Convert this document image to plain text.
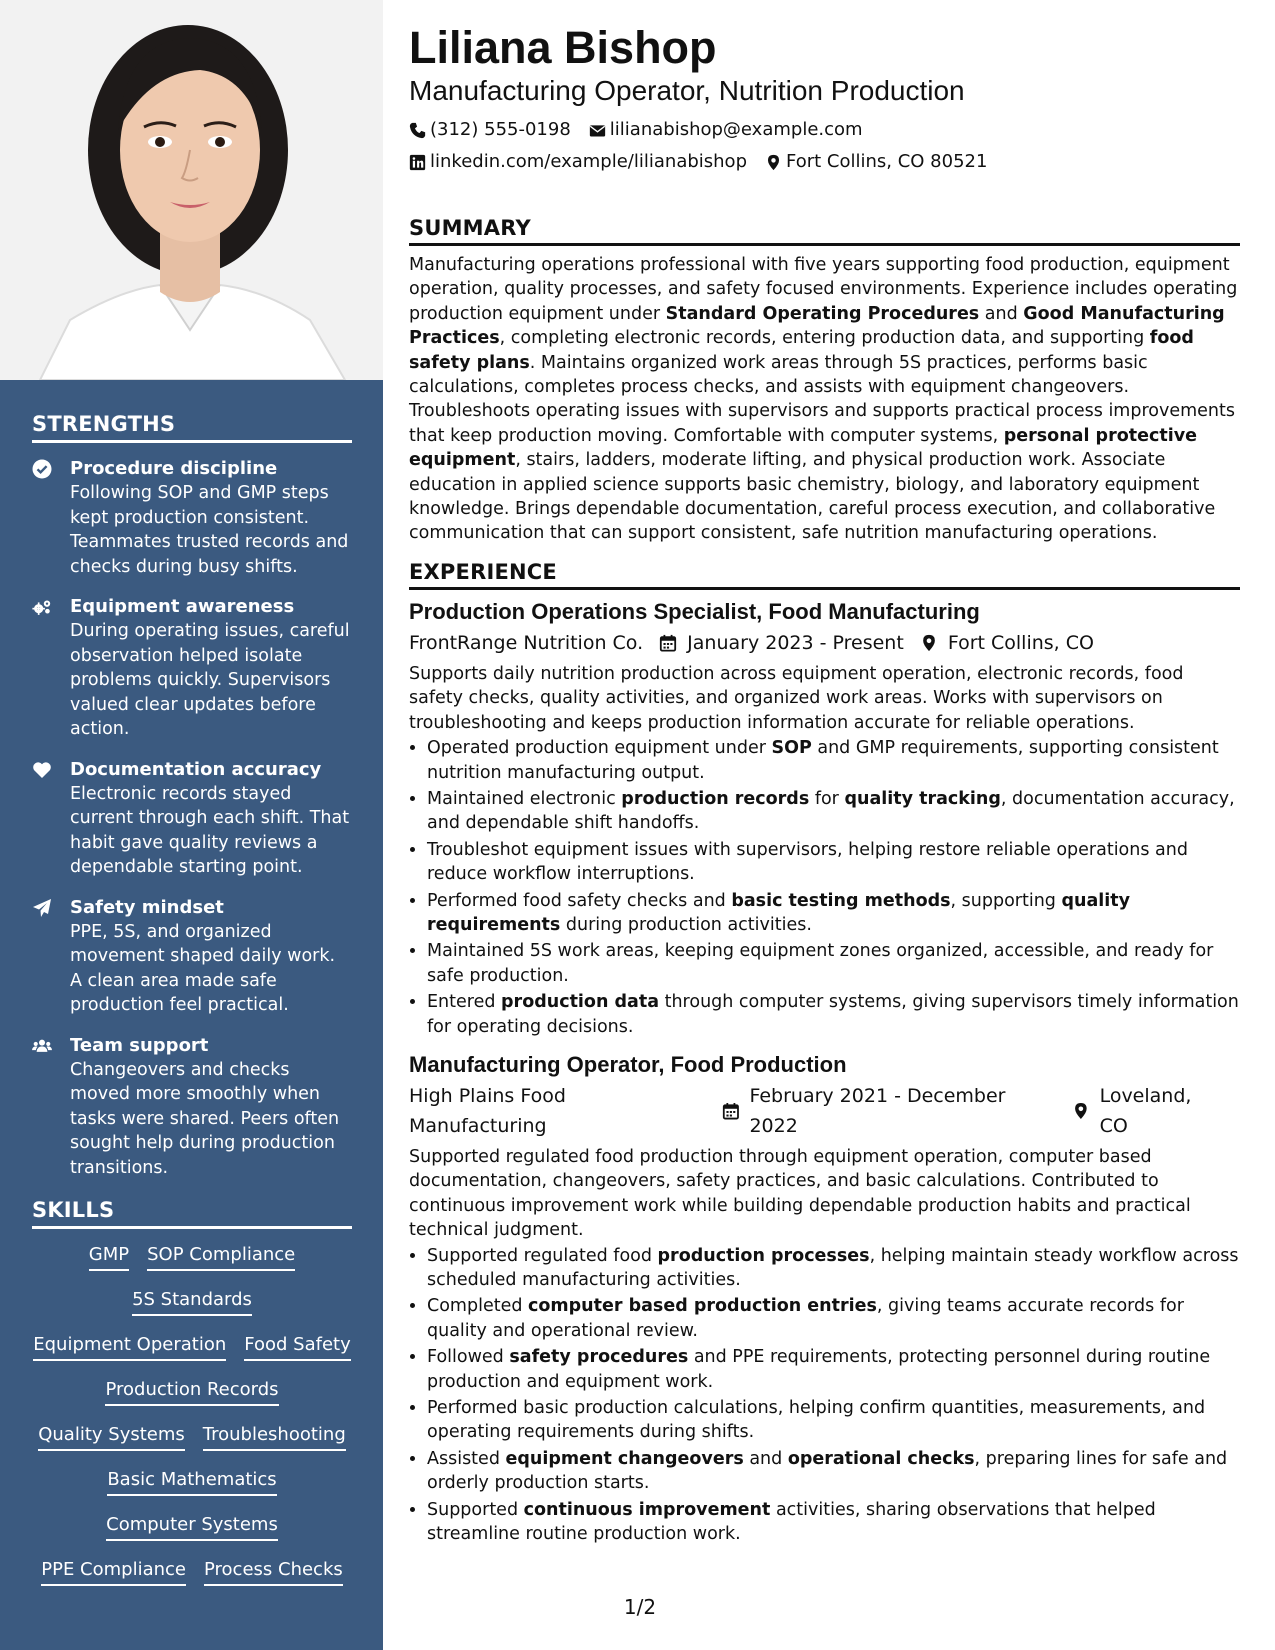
STRENGTHS
Procedure discipline
Following SOP and GMP steps kept production consistent. Teammates trusted records and checks during busy shifts.
Equipment awareness
During operating issues, careful observation helped isolate problems quickly. Supervisors valued clear updates before action.
Documentation accuracy
Electronic records stayed current through each shift. That habit gave quality reviews a dependable starting point.
Safety mindset
PPE, 5S, and organized movement shaped daily work. A clean area made safe production feel practical.
Team support
Changeovers and checks moved more smoothly when tasks were shared. Peers often sought help during production transitions.
SKILLS
GMP SOP Compliance
5S Standards
Equipment Operation Food Safety
Production Records
Quality Systems Troubleshooting
Basic Mathematics
Computer Systems
PPE Compliance Process Checks
Liliana Bishop
Manufacturing Operator, Nutrition Production
(312) 555-0198 lilianabishop@example.com
linkedin.com/example/lilianabishop Fort Collins, CO 80521
SUMMARY

Manufacturing operations professional with five years supporting food production, equipment operation, quality processes, and safety focused environments. Experience includes operating production equipment under Standard Operating Procedures and Good Manufacturing Practices, completing electronic records, entering production data, and supporting food safety plans. Maintains organized work areas through 5S practices, performs basic calculations, completes process checks, and assists with equipment changeovers. Troubleshoots operating issues with supervisors and supports practical process improvements that keep production moving. Comfortable with computer systems, personal protective equipment, stairs, ladders, moderate lifting, and physical production work. Associate education in applied science supports basic chemistry, biology, and laboratory equipment knowledge. Brings dependable documentation, careful process execution, and collaborative communication that can support consistent, safe nutrition manufacturing operations.

EXPERIENCE
Production Operations Specialist, Food Manufacturing
FrontRange Nutrition Co. January 2023 - Present Fort Collins, CO

Supports daily nutrition production across equipment operation, electronic records, food safety checks, quality activities, and organized work areas. Works with supervisors on troubleshooting and keeps production information accurate for reliable operations.

• Operated production equipment under SOP and GMP requirements, supporting consistent nutrition manufacturing output.
• Maintained electronic production records for quality tracking, documentation accuracy, and dependable shift handoffs.
• Troubleshot equipment issues with supervisors, helping restore reliable operations and reduce workflow interruptions.
• Performed food safety checks and basic testing methods, supporting quality requirements during production activities.
• Maintained 5S work areas, keeping equipment zones organized, accessible, and ready for safe production.
• Entered production data through computer systems, giving supervisors timely information for operating decisions.
Manufacturing Operator, Food Production
High Plains Food Manufacturing
February 2021 - December 2022
Loveland, CO

Supported regulated food production through equipment operation, computer based documentation, changeovers, safety practices, and basic calculations. Contributed to continuous improvement work while building dependable production habits and practical technical judgment.

• Supported regulated food production processes, helping maintain steady workflow across scheduled manufacturing activities.
• Completed computer based production entries, giving teams accurate records for quality and operational review.
• Followed safety procedures and PPE requirements, protecting personnel during routine production and equipment work.
• Performed basic production calculations, helping confirm quantities, measurements, and operating requirements during shifts.
• Assisted equipment changeovers and operational checks, preparing lines for safe and orderly production starts.
• Supported continuous improvement activities, sharing observations that helped streamline routine production work.
1/2
